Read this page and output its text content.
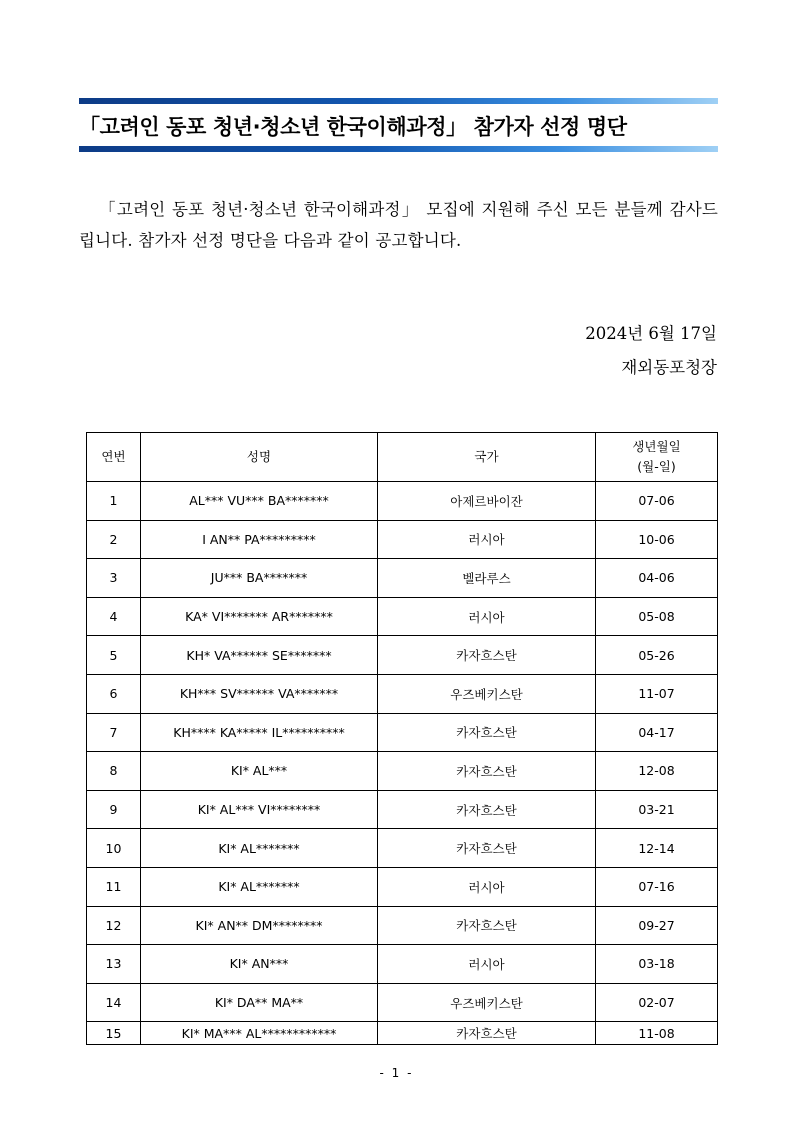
「고려인 동포 청년·청소년 한국이해과정」 참가자 선정 명단
「고려인 동포 청년·청소년 한국이해과정」 모집에 지원해 주신 모든 분들께 감사드립니다. 참가자 선정 명단을 다음과 같이 공고합니다.
2024년 6월 17일
재외동포청장
연번	성명	국가	생년월일
(월-일)

1	AL*** VU*** BA*******	아제르바이잔	07-06
2	I AN** PA*********	러시아	10-06
3	JU*** BA*******	벨라루스	04-06
4	KA* VI******* AR*******	러시아	05-08
5	KH* VA****** SE*******	카자흐스탄	05-26
6	KH*** SV****** VA*******	우즈베키스탄	11-07
7	KH**** KA***** IL**********	카자흐스탄	04-17
8	KI* AL***	카자흐스탄	12-08
9	KI* AL*** VI********	카자흐스탄	03-21
10	KI* AL*******	카자흐스탄	12-14
11	KI* AL*******	러시아	07-16
12	KI* AN** DM********	카자흐스탄	09-27
13	KI* AN***	러시아	03-18
14	KI* DA** MA**	우즈베키스탄	02-07
15	KI* MA*** AL************	카자흐스탄	11-08
- 1 -
